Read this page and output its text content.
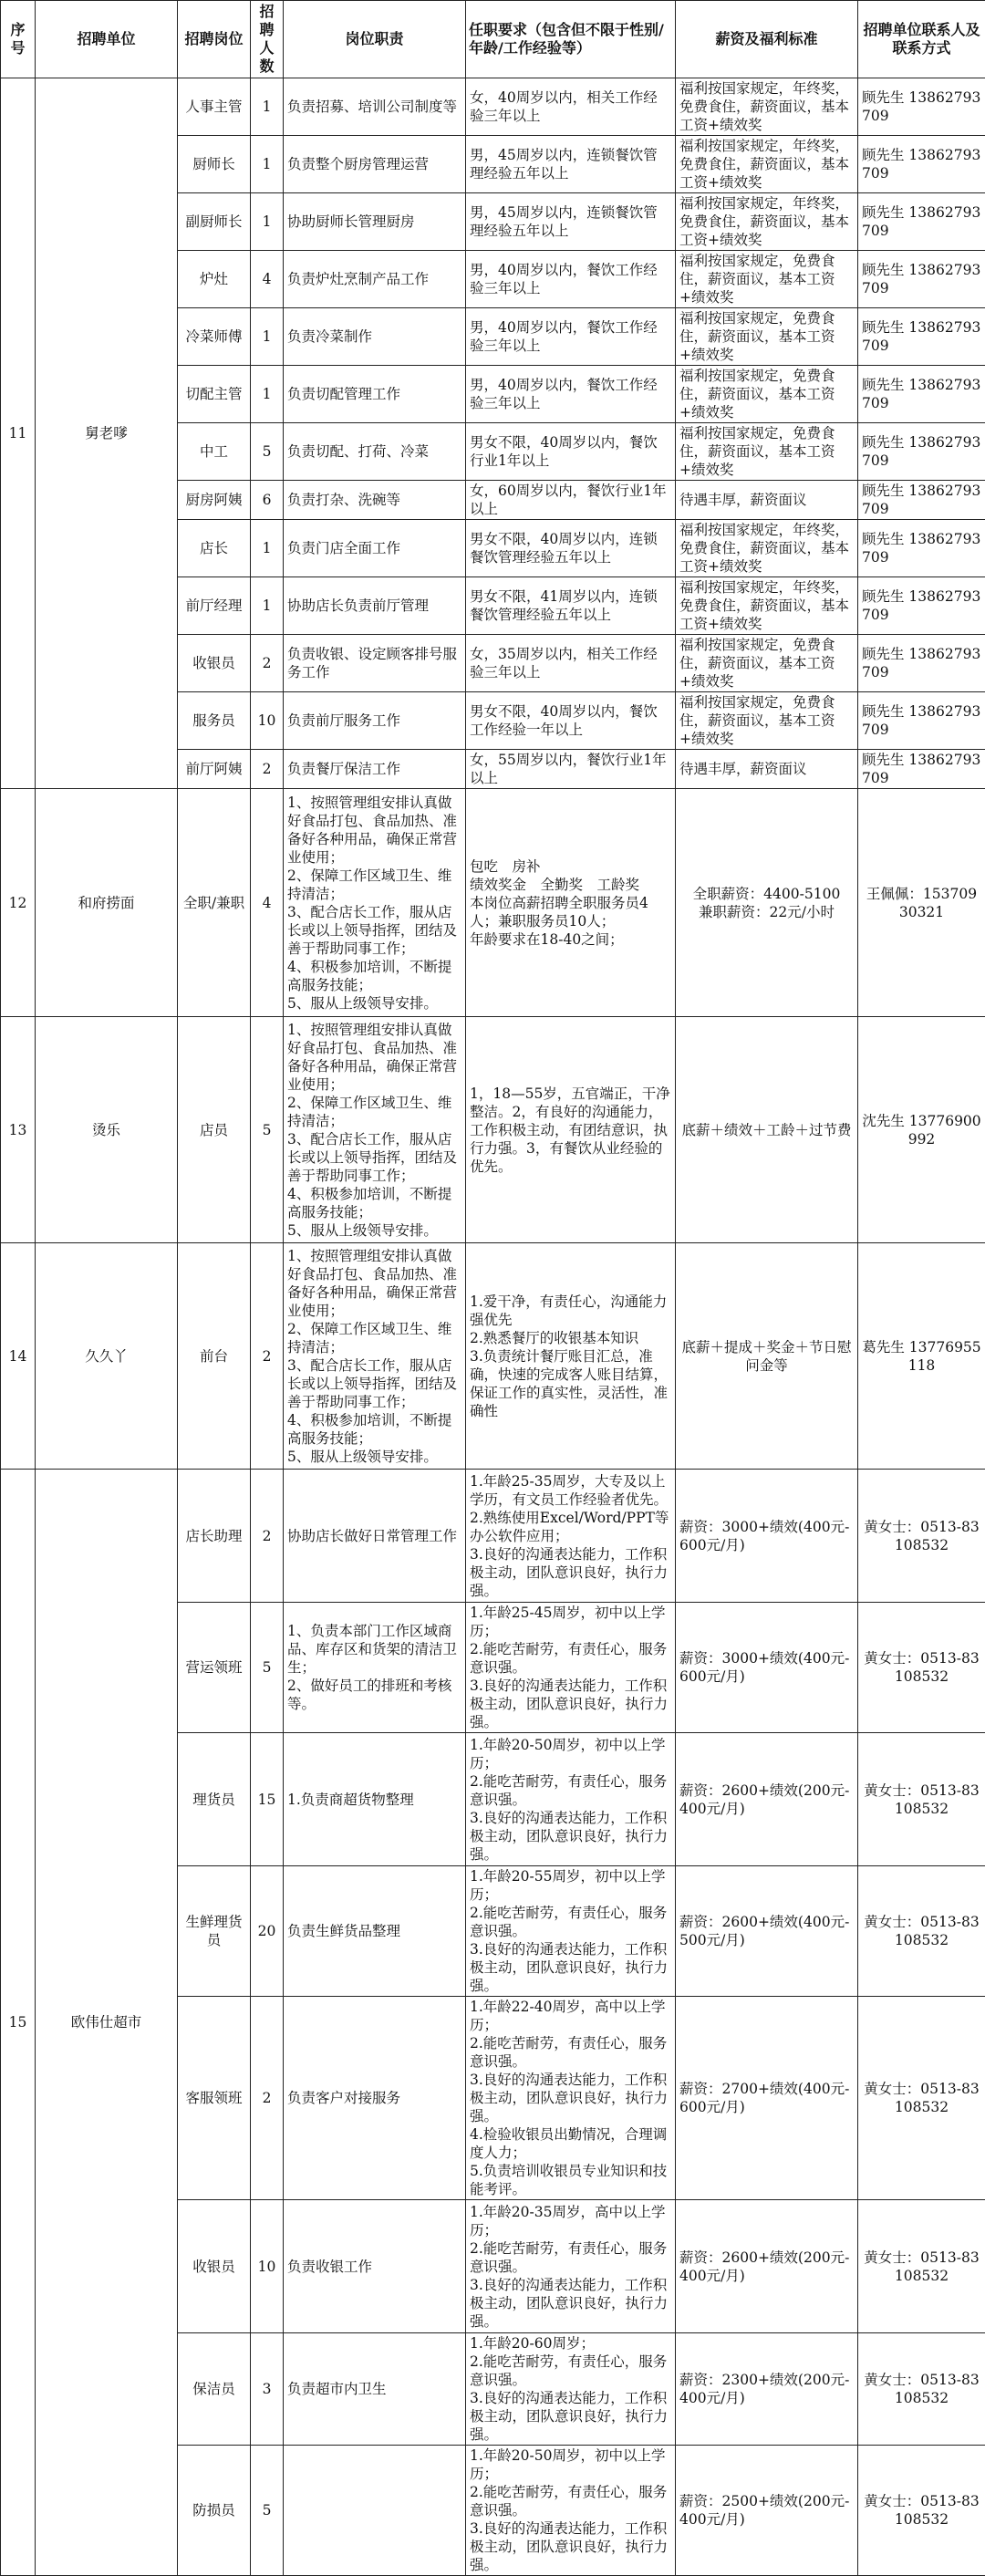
序号	招聘单位	招聘岗位	招聘人数	岗位职责	任职要求（包含但不限于性别/年龄/工作经验等）	薪资及福利标准	招聘单位联系人及联系方式
11	舅老嗲	人事主管	1	负责招募、培训公司制度等	女，40周岁以内，相关工作经验三年以上	福利按国家规定，年终奖，免费食住，薪资面议，基本工资+绩效奖	顾先生 13862793709
		厨师长	1	负责整个厨房管理运营	男，45周岁以内，连锁餐饮管理经验五年以上	福利按国家规定，年终奖，免费食住，薪资面议，基本工资+绩效奖	顾先生 13862793709
		副厨师长	1	协助厨师长管理厨房	男，45周岁以内，连锁餐饮管理经验五年以上	福利按国家规定，年终奖，免费食住，薪资面议，基本工资+绩效奖	顾先生 13862793709
		炉灶	4	负责炉灶烹制产品工作	男，40周岁以内，餐饮工作经验三年以上	福利按国家规定，免费食住，薪资面议，基本工资+绩效奖	顾先生 13862793709
		冷菜师傅	1	负责冷菜制作	男，40周岁以内，餐饮工作经验三年以上	福利按国家规定，免费食住，薪资面议，基本工资+绩效奖	顾先生 13862793709
		切配主管	1	负责切配管理工作	男，40周岁以内，餐饮工作经验三年以上	福利按国家规定，免费食住，薪资面议，基本工资+绩效奖	顾先生 13862793709
		中工	5	负责切配、打荷、冷菜	男女不限，40周岁以内，餐饮行业1年以上	福利按国家规定，免费食住，薪资面议，基本工资+绩效奖	顾先生 13862793709
		厨房阿姨	6	负责打杂、洗碗等	女，60周岁以内，餐饮行业1年以上	待遇丰厚，薪资面议	顾先生 13862793709
		店长	1	负责门店全面工作	男女不限，40周岁以内，连锁餐饮管理经验五年以上	福利按国家规定，年终奖，免费食住，薪资面议，基本工资+绩效奖	顾先生 13862793709
		前厅经理	1	协助店长负责前厅管理	男女不限，41周岁以内，连锁餐饮管理经验五年以上	福利按国家规定，年终奖，免费食住，薪资面议，基本工资+绩效奖	顾先生 13862793709
		收银员	2	负责收银、设定顾客排号服务工作	女，35周岁以内，相关工作经验三年以上	福利按国家规定，免费食住，薪资面议，基本工资+绩效奖	顾先生 13862793709
		服务员	10	负责前厅服务工作	男女不限，40周岁以内，餐饮工作经验一年以上	福利按国家规定，免费食住，薪资面议，基本工资+绩效奖	顾先生 13862793709
		前厅阿姨	2	负责餐厅保洁工作	女，55周岁以内，餐饮行业1年以上	待遇丰厚，薪资面议	顾先生 13862793709
12	和府捞面	全职/兼职	4	1、按照管理组安排认真做好食品打包、食品加热、准备好各种用品，确保正常营业使用；
2、保障工作区域卫生、维持清洁；
3、配合店长工作，服从店长或以上领导指挥，团结及善于帮助同事工作；
4、积极参加培训，不断提高服务技能；
5、服从上级领导安排。	包吃　房补
绩效奖金　全勤奖　工龄奖
本岗位高薪招聘全职服务员4人；兼职服务员10人；
年龄要求在18-40之间；	全职薪资：4400-5100
兼职薪资：22元/小时	王佩佩：15370930321
13	烫乐	店员	5	1、按照管理组安排认真做好食品打包、食品加热、准备好各种用品，确保正常营业使用；
2、保障工作区域卫生、维持清洁；
3、配合店长工作，服从店长或以上领导指挥，团结及善于帮助同事工作；
4、积极参加培训，不断提高服务技能；
5、服从上级领导安排。	1，18—55岁，五官端正，干净整洁。2，有良好的沟通能力，工作积极主动，有团结意识，执行力强。3，有餐饮从业经验的优先。	底薪＋绩效＋工龄＋过节费	沈先生 13776900992
14	久久丫	前台	2	1、按照管理组安排认真做好食品打包、食品加热、准备好各种用品，确保正常营业使用；
2、保障工作区域卫生、维持清洁；
3、配合店长工作，服从店长或以上领导指挥，团结及善于帮助同事工作；
4、积极参加培训，不断提高服务技能；
5、服从上级领导安排。	1.爱干净，有责任心，沟通能力强优先
2.熟悉餐厅的收银基本知识
3.负责统计餐厅账目汇总，准确，快速的完成客人账目结算，保证工作的真实性，灵活性，准确性	底薪＋提成＋奖金＋节日慰问金等	葛先生 13776955118
15	欧伟仕超市	店长助理	2	协助店长做好日常管理工作	1.年龄25-35周岁，大专及以上学历，有文员工作经验者优先。
2.熟练使用Excel/Word/PPT等办公软件应用；
3.良好的沟通表达能力，工作积极主动，团队意识良好，执行力强。	薪资：3000+绩效(400元-600元/月)	黄女士：0513-83108532
		营运领班	5	1、负责本部门工作区域商品、库存区和货架的清洁卫生；
2、做好员工的排班和考核等。	1.年龄25-45周岁，初中以上学历；
2.能吃苦耐劳，有责任心，服务意识强。
3.良好的沟通表达能力，工作积极主动，团队意识良好，执行力强。	薪资：3000+绩效(400元-600元/月)	黄女士：0513-83108532
		理货员	15	1.负责商超货物整理	1.年龄20-50周岁，初中以上学历；
2.能吃苦耐劳，有责任心，服务意识强。
3.良好的沟通表达能力，工作积极主动，团队意识良好，执行力强。	薪资：2600+绩效(200元-400元/月)	黄女士：0513-83108532
		生鲜理货员	20	负责生鲜货品整理	1.年龄20-55周岁，初中以上学历；
2.能吃苦耐劳，有责任心，服务意识强。
3.良好的沟通表达能力，工作积极主动，团队意识良好，执行力强。	薪资：2600+绩效(400元-500元/月)	黄女士：0513-83108532
		客服领班	2	负责客户对接服务	1.年龄22-40周岁，高中以上学历；
2.能吃苦耐劳，有责任心，服务意识强。
3.良好的沟通表达能力，工作积极主动，团队意识良好，执行力强。
4.检验收银员出勤情况，合理调度人力；
5.负责培训收银员专业知识和技能考评。	薪资：2700+绩效(400元-600元/月)	黄女士：0513-83108532
		收银员	10	负责收银工作	1.年龄20-35周岁，高中以上学历；
2.能吃苦耐劳，有责任心，服务意识强。
3.良好的沟通表达能力，工作积极主动，团队意识良好，执行力强。	薪资：2600+绩效(200元-400元/月)	黄女士：0513-83108532
		保洁员	3	负责超市内卫生	1.年龄20-60周岁；
2.能吃苦耐劳，有责任心，服务意识强。
3.良好的沟通表达能力，工作积极主动，团队意识良好，执行力强。	薪资：2300+绩效(200元-400元/月)	黄女士：0513-83108532
		防损员	5		1.年龄20-50周岁，初中以上学历；
2.能吃苦耐劳，有责任心，服务意识强。
3.良好的沟通表达能力，工作积极主动，团队意识良好，执行力强。	薪资：2500+绩效(200元-400元/月)	黄女士：0513-83108532
